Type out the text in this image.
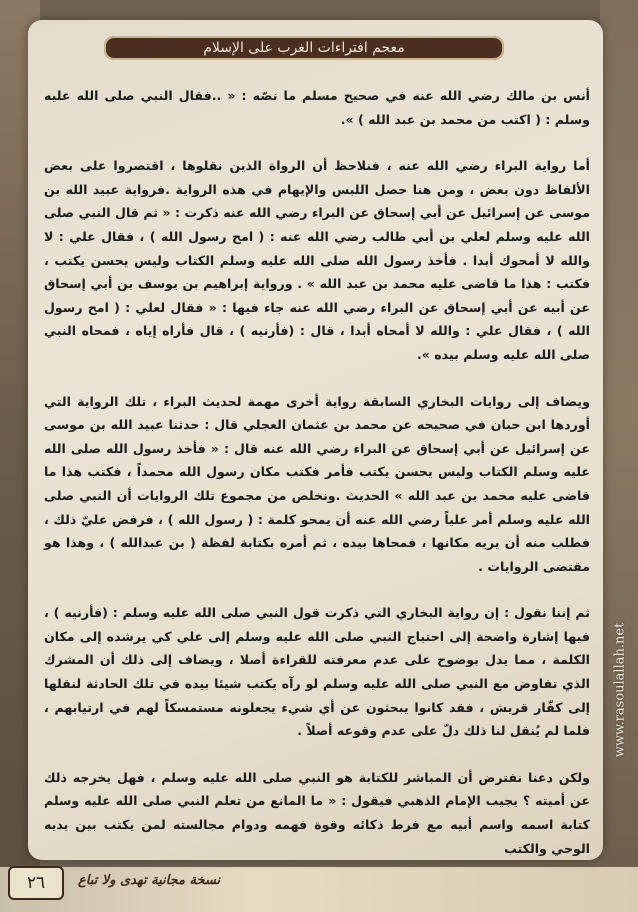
معجم افتراءات الغرب على الإسلام

أنس بن مالك رضي الله عنه في صحيح مسلم ما نصّه : « ..فقال النبي صلى الله عليه وسلم : ( اكتب من محمد بن عبد الله ) ».

أما رواية البراء رضي الله عنه ، فنلاحظ أن الرواة الذين نقلوها ، اقتصروا على بعض الألفاظ دون بعض ، ومن هنا حصل اللبس والإيهام في هذه الرواية .فرواية عبيد الله بن موسى عن إسرائيل عن أبي إسحاق عن البراء رضي الله عنه ذكرت : « ثم قال النبي صلى الله عليه وسلم لعلي بن أبي طالب رضي الله عنه : ( امح رسول الله ) ، فقال علي : لا والله لا أمحوك أبدا . فأخذ رسول الله صلى الله عليه وسلم الكتاب وليس يحسن يكتب ، فكتب : هذا ما قاضى عليه محمد بن عبد الله » . ورواية إبراهيم بن يوسف بن أبي إسحاق عن أبيه عن أبي إسحاق عن البراء رضي الله عنه جاء فيها : « فقال لعلي : ( امح رسول الله ) ، فقال علي : والله لا أمحاه أبدا ، قال : (فأرنيه ) ، قال فأراه إياه ، فمحاه النبي صلى الله عليه وسلم بيده ».

ويضاف إلى روايات البخاري السابقة رواية أخرى مهمة لحديث البراء ، تلك الرواية التي أوردها ابن حبان في صحيحه عن محمد بن عثمان العجلي قال : حدثنا عبيد الله بن موسى عن إسرائيل عن أبي إسحاق عن البراء رضي الله عنه قال : « فأخذ رسول الله صلى الله عليه وسلم الكتاب وليس يحسن يكتب فأمر فكتب مكان رسول الله محمداً ، فكتب هذا ما قاضى عليه محمد بن عبد الله » الحديث .ونخلص من مجموع تلك الروايات أن النبي صلى الله عليه وسلم أمر علياً رضي الله عنه أن يمحو كلمة : ( رسول الله ) ، فرفض عليّ ذلك ، فطلب منه أن يريه مكانها ، فمحاها بيده ، ثم أمره بكتابة لفظة ( بن عبدالله ) ، وهذا هو مقتضى الروايات .

ثم إننا نقول : إن رواية البخاري التي ذكرت قول النبي صلى الله عليه وسلم : (فأرنيه ) ، فيها إشارة واضحة إلى احتياج النبي صلى الله عليه وسلم إلى علي كي يرشده إلى مكان الكلمة ، مما يدل بوضوح على عدم معرفته للقراءة أصلا ، ويضاف إلى ذلك أن المشرك الذي تفاوض مع النبي صلى الله عليه وسلم لو رآه يكتب شيئا بيده في تلك الحادثة لنقلها إلى كفّار قريش ، فقد كانوا يبحثون عن أي شيء يجعلونه مستمسكاً لهم في ارتيابهم ، فلما لم يُنقل لنا ذلك دلّ على عدم وقوعه أصلاً .

ولكن دعنا نفترض أن المباشر للكتابة هو النبي صلى الله عليه وسلم ، فهل يخرجه ذلك عن أميته ؟ يجيب الإمام الذهبي فيقول : « ما المانع من تعلم النبي صلى الله عليه وسلم كتابة اسمه واسم أبيه مع فرط ذكائه وقوة فهمه ودوام مجالسته لمن يكتب بين يديه الوحي والكتب

www.rasoulallah.net
٢٦	نسخة مجانية تهدى ولا تباع
